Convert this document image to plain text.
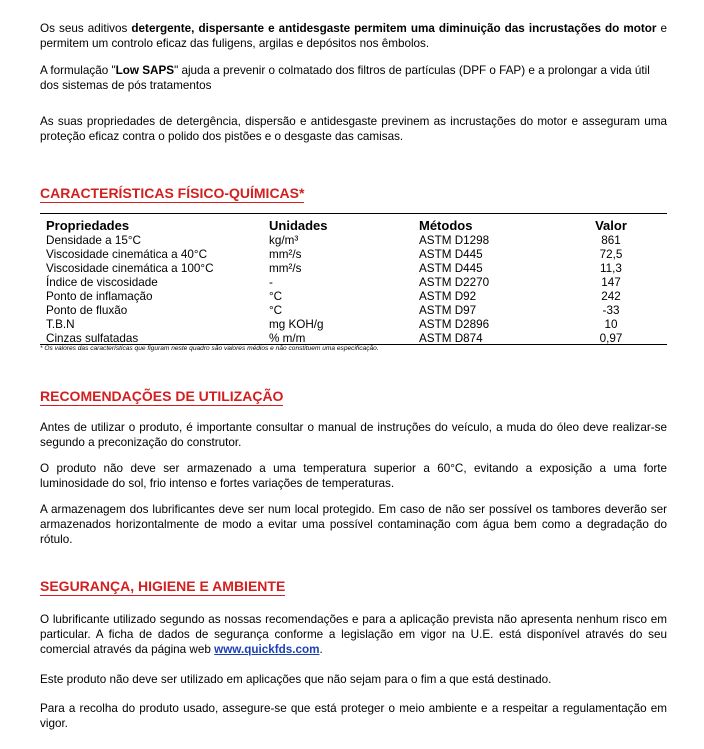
Os seus aditivos detergente, dispersante e antidesgaste permitem uma diminuição das incrustações do motor e permitem um controlo eficaz das fuligens, argilas e depósitos nos êmbolos.

A formulação "Low SAPS" ajuda a prevenir o colmatado dos filtros de partículas (DPF o FAP) e a prolongar a vida útil dos sistemas de pós tratamentos

As suas propriedades de detergência, dispersão e antidesgaste previnem as incrustações do motor e asseguram uma proteção eficaz contra o polido dos pistões e o desgaste das camisas.

CARACTERÍSTICAS FÍSICO-QUÍMICAS*
Propriedades	Unidades	Métodos	Valor
Densidade a 15°C	kg/m³	ASTM D1298	861
Viscosidade cinemática a 40°C	mm²/s	ASTM D445	72,5
Viscosidade cinemática a 100°C	mm²/s	ASTM D445	11,3
Índice de viscosidade	-	ASTM D2270	147
Ponto de inflamação	°C	ASTM D92	242
Ponto de fluxão	°C	ASTM D97	-33
T.B.N	mg KOH/g	ASTM D2896	10
Cinzas sulfatadas	% m/m	ASTM D874	0,97
* Os valores das características que figuram neste quadro são valores médios e não constituem uma especificação.
RECOMENDAÇÕES DE UTILIZAÇÃO

Antes de utilizar o produto, é importante consultar o manual de instruções do veículo, a muda do óleo deve realizar-se segundo a preconização do construtor.

O produto não deve ser armazenado a uma temperatura superior a 60°C, evitando a exposição a uma forte luminosidade do sol, frio intenso e fortes variações de temperaturas.

A armazenagem dos lubrificantes deve ser num local protegido. Em caso de não ser possível os tambores deverão ser armazenados horizontalmente de modo a evitar uma possível contaminação com água bem como a degradação do rótulo.

SEGURANÇA, HIGIENE E AMBIENTE

O lubrificante utilizado segundo as nossas recomendações e para a aplicação prevista não apresenta nenhum risco em particular. A ficha de dados de segurança conforme a legislação em vigor na U.E. está disponível através do seu comercial através da página web www.quickfds.com.

Este produto não deve ser utilizado em aplicações que não sejam para o fim a que está destinado.

Para a recolha do produto usado, assegure-se que está proteger o meio ambiente e a respeitar a regulamentação em vigor.
